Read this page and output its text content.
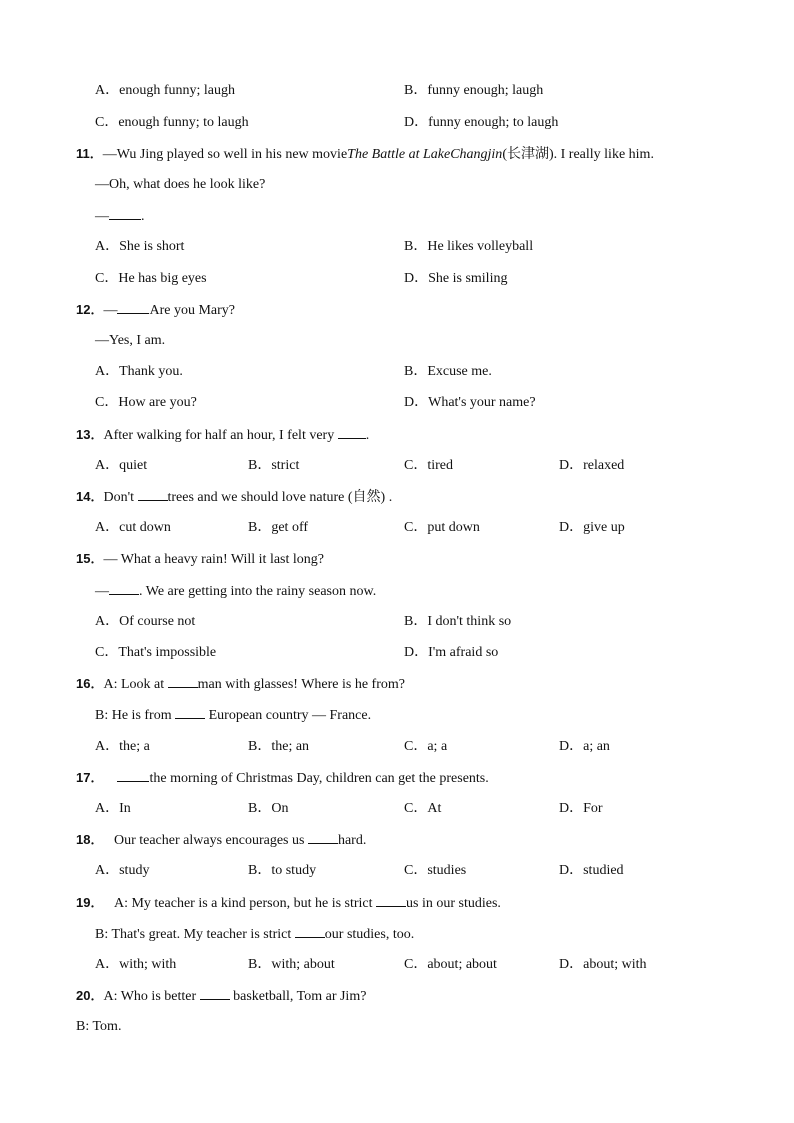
A．enough funny; laugh	B．funny enough; laugh
C．enough funny; to laugh	D．funny enough; to laugh
11．—Wu Jing played so well in his new movieThe Battle at LakeChangjin(长津湖). I really like him.
—Oh, what does he look like?
— .
A．She is short	B．He likes volleyball
C．He has big eyes	D．She is smiling
12．— Are you Mary?
—Yes, I am.
A．Thank you.	B．Excuse me.
C．How are you?	D．What's your name?
13．After walking for half an hour, I felt very .
A．quiet	B．strict	C．tired	D．relaxed
14．Don't trees and we should love nature (自然) .
A．cut down	B．get off	C．put down	D．give up
15．— What a heavy rain! Will it last long?
— . We are getting into the rainy season now.
A．Of course not	B．I don't think so
C．That's impossible	D．I'm afraid so
16．A: Look at man with glasses! Where is he from?
B: He is from	European country — France.
A．the; a	B．the; an	C．a; a	D．a; an
17．	the morning of Christmas Day, children can get the presents.
A．In	B．On	C．At	D．For
18． Our teacher always encourages us hard.
A．study	B．to study	C．studies	D．studied
19． A: My teacher is a kind person, but he is strict us in our studies.
B: That's great. My teacher is strict our studies, too.
A．with; with	B．with; about	C．about; about	D．about; with
20．A: Who is better	basketball, Tom ar Jim?
B: Tom.
